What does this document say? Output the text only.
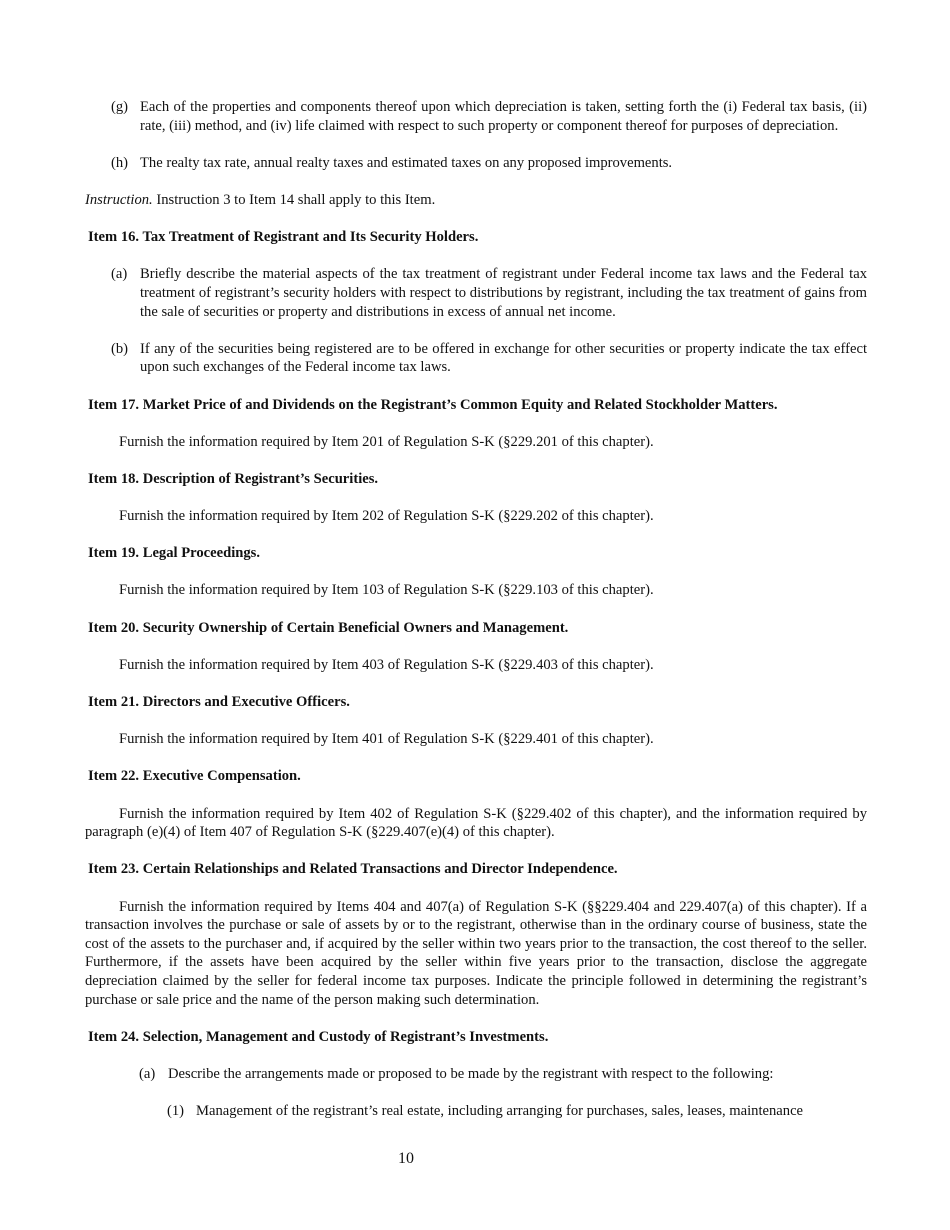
(g) Each of the properties and components thereof upon which depreciation is taken, setting forth the (i) Federal tax basis, (ii) rate, (iii) method, and (iv) life claimed with respect to such property or component thereof for purposes of depreciation.
(h) The realty tax rate, annual realty taxes and estimated taxes on any proposed improvements.
Instruction. Instruction 3 to Item 14 shall apply to this Item.
Item 16. Tax Treatment of Registrant and Its Security Holders.
(a) Briefly describe the material aspects of the tax treatment of registrant under Federal income tax laws and the Federal tax treatment of registrant’s security holders with respect to distributions by registrant, including the tax treatment of gains from the sale of securities or property and distributions in excess of annual net income.
(b) If any of the securities being registered are to be offered in exchange for other securities or property indicate the tax effect upon such exchanges of the Federal income tax laws.
Item 17. Market Price of and Dividends on the Registrant’s Common Equity and Related Stockholder Matters.
Furnish the information required by Item 201 of Regulation S-K (§229.201 of this chapter).
Item 18. Description of Registrant’s Securities.
Furnish the information required by Item 202 of Regulation S-K (§229.202 of this chapter).
Item 19. Legal Proceedings.
Furnish the information required by Item 103 of Regulation S-K (§229.103 of this chapter).
Item 20. Security Ownership of Certain Beneficial Owners and Management.
Furnish the information required by Item 403 of Regulation S-K (§229.403 of this chapter).
Item 21. Directors and Executive Officers.
Furnish the information required by Item 401 of Regulation S-K (§229.401 of this chapter).
Item 22. Executive Compensation.
Furnish the information required by Item 402 of Regulation S-K (§229.402 of this chapter), and the information required by paragraph (e)(4) of Item 407 of Regulation S-K (§229.407(e)(4) of this chapter).
Item 23. Certain Relationships and Related Transactions and Director Independence.
Furnish the information required by Items 404 and 407(a) of Regulation S-K (§§229.404 and 229.407(a) of this chapter). If a transaction involves the purchase or sale of assets by or to the registrant, otherwise than in the ordinary course of business, state the cost of the assets to the purchaser and, if acquired by the seller within two years prior to the transaction, the cost thereof to the seller. Furthermore, if the assets have been acquired by the seller within five years prior to the transaction, disclose the aggregate depreciation claimed by the seller for federal income tax purposes. Indicate the principle followed in determining the registrant’s purchase or sale price and the name of the person making such determination.
Item 24. Selection, Management and Custody of Registrant’s Investments.
(a) Describe the arrangements made or proposed to be made by the registrant with respect to the following:
(1) Management of the registrant’s real estate, including arranging for purchases, sales, leases, maintenance
10
